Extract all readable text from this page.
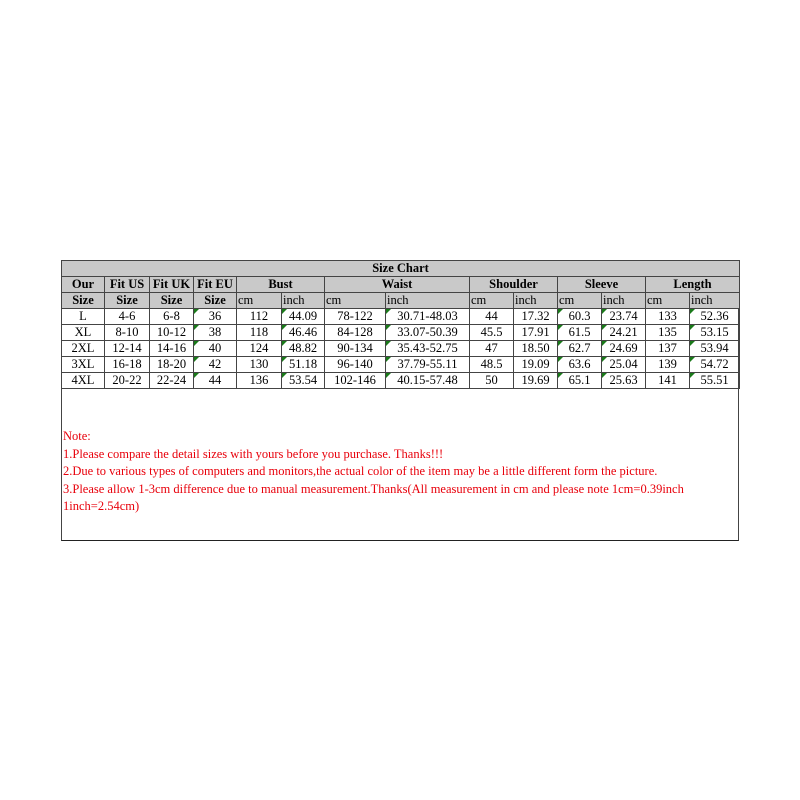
Size Chart													
Our	Fit US	Fit UK	Fit EU	Bust		Waist		Shoulder		Sleeve		Length	
Size	Size	Size	Size	cm	inch	cm	inch	cm	inch	cm	inch	cm	inch
L	4-6	6-8	36	112	44.09	78-122	30.71-48.03	44	17.32	60.3	23.74	133	52.36
XL	8-10	10-12	38	118	46.46	84-128	33.07-50.39	45.5	17.91	61.5	24.21	135	53.15
2XL	12-14	14-16	40	124	48.82	90-134	35.43-52.75	47	18.50	62.7	24.69	137	53.94
3XL	16-18	18-20	42	130	51.18	96-140	37.79-55.11	48.5	19.09	63.6	25.04	139	54.72
4XL	20-22	22-24	44	136	53.54	102-146	40.15-57.48	50	19.69	65.1	25.63	141	55.51
Note:
1.Please compare the detail sizes with yours before you purchase. Thanks!!!
2.Due to various types of computers and monitors,the actual color of the item may be a little different form the picture.
3.Please allow 1-3cm difference due to manual measurement.Thanks(All measurement in cm and please note 1cm=0.39inch 1inch=2.54cm)
